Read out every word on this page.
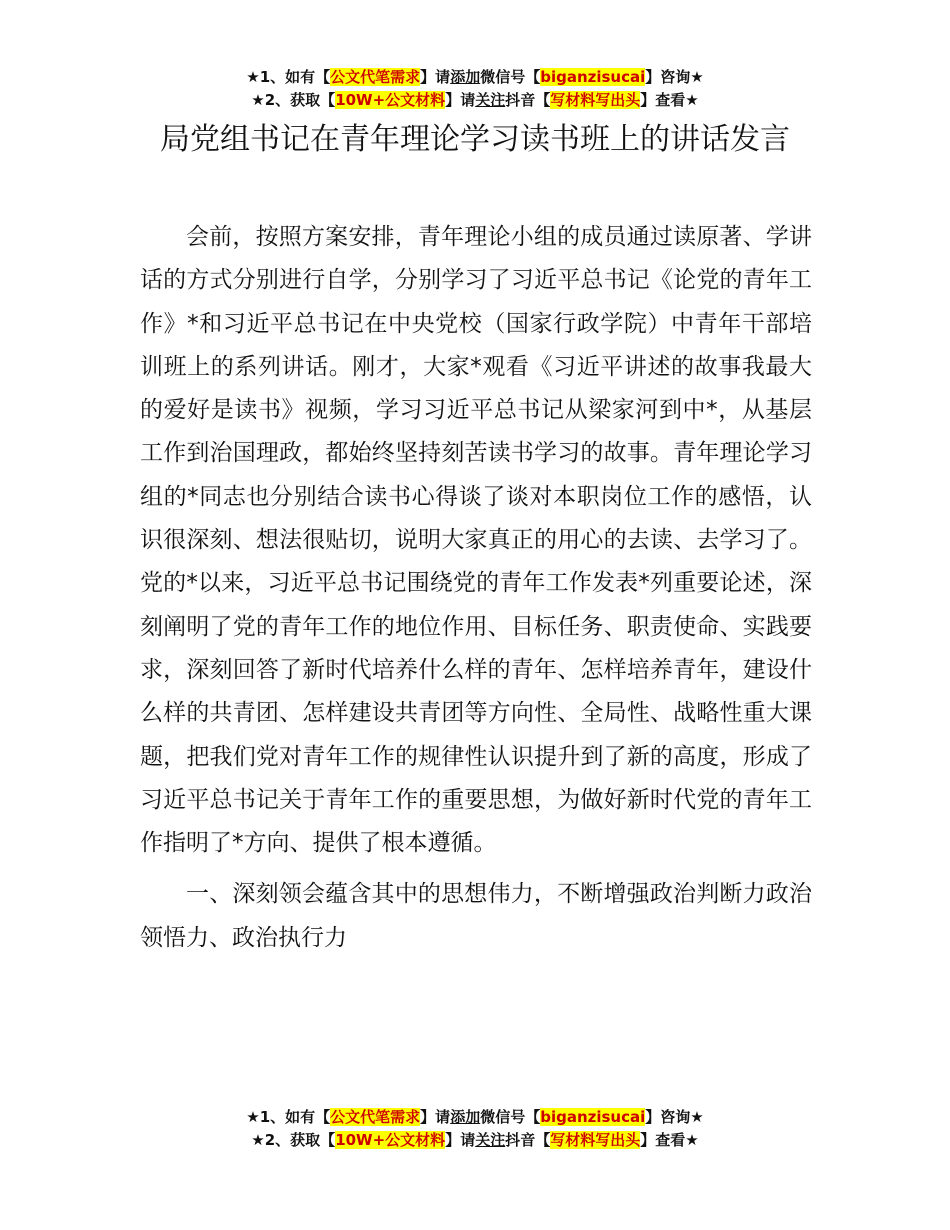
★1、如有【公文代笔需求】请添加微信号【biganzisucai】咨询★
★2、获取【10W+公文材料】请关注抖音【写材料写出头】查看★
局党组书记在青年理论学习读书班上的讲话发言

会前，按照方案安排，青年理论小组的成员通过读原著、学讲话的方式分别进行自学，分别学习了习近平总书记《论党的青年工作》*和习近平总书记在中央党校（国家行政学院）中青年干部培训班上的系列讲话。刚才，大家*观看《习近平讲述的故事我最大的爱好是读书》视频，学习习近平总书记从梁家河到中*，从基层工作到治国理政，都始终坚持刻苦读书学习的故事。青年理论学习组的*同志也分别结合读书心得谈了谈对本职岗位工作的感悟，认识很深刻、想法很贴切，说明大家真正的用心的去读、去学习了。党的*以来，习近平总书记围绕党的青年工作发表*列重要论述，深刻阐明了党的青年工作的地位作用、目标任务、职责使命、实践要求，深刻回答了新时代培养什么样的青年、怎样培养青年，建设什么样的共青团、怎样建设共青团等方向性、全局性、战略性重大课题，把我们党对青年工作的规律性认识提升到了新的高度，形成了习近平总书记关于青年工作的重要思想，为做好新时代党的青年工作指明了*方向、提供了根本遵循。

一、深刻领会蕴含其中的思想伟力，不断增强政治判断力政治领悟力、政治执行力

★1、如有【公文代笔需求】请添加微信号【biganzisucai】咨询★
★2、获取【10W+公文材料】请关注抖音【写材料写出头】查看★
